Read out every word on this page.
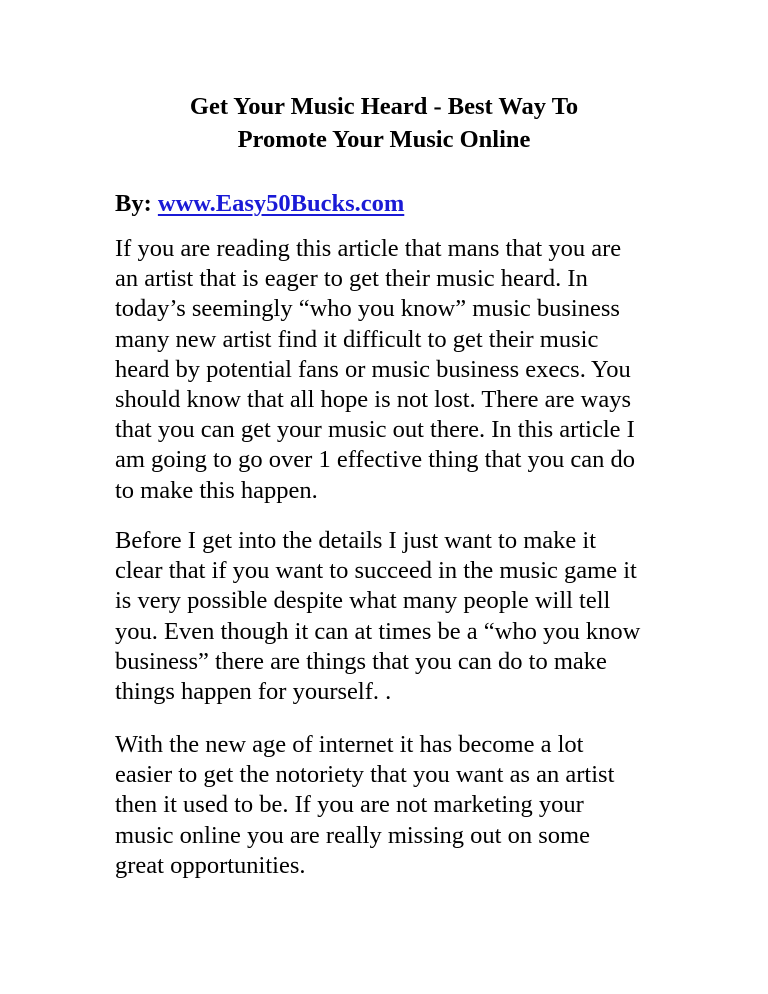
Get Your Music Heard - Best Way To
Promote Your Music Online
By: www.Easy50Bucks.com
If you are reading this article that mans that you are
an artist that is eager to get their music heard. In
today’s seemingly “who you know” music business
many new artist find it difficult to get their music
heard by potential fans or music business execs. You
should know that all hope is not lost. There are ways
that you can get your music out there. In this article I
am going to go over 1 effective thing that you can do
to make this happen.
Before I get into the details I just want to make it
clear that if you want to succeed in the music game it
is very possible despite what many people will tell
you. Even though it can at times be a “who you know
business” there are things that you can do to make
things happen for yourself. .
With the new age of internet it has become a lot
easier to get the notoriety that you want as an artist
then it used to be. If you are not marketing your
music online you are really missing out on some
great opportunities.
